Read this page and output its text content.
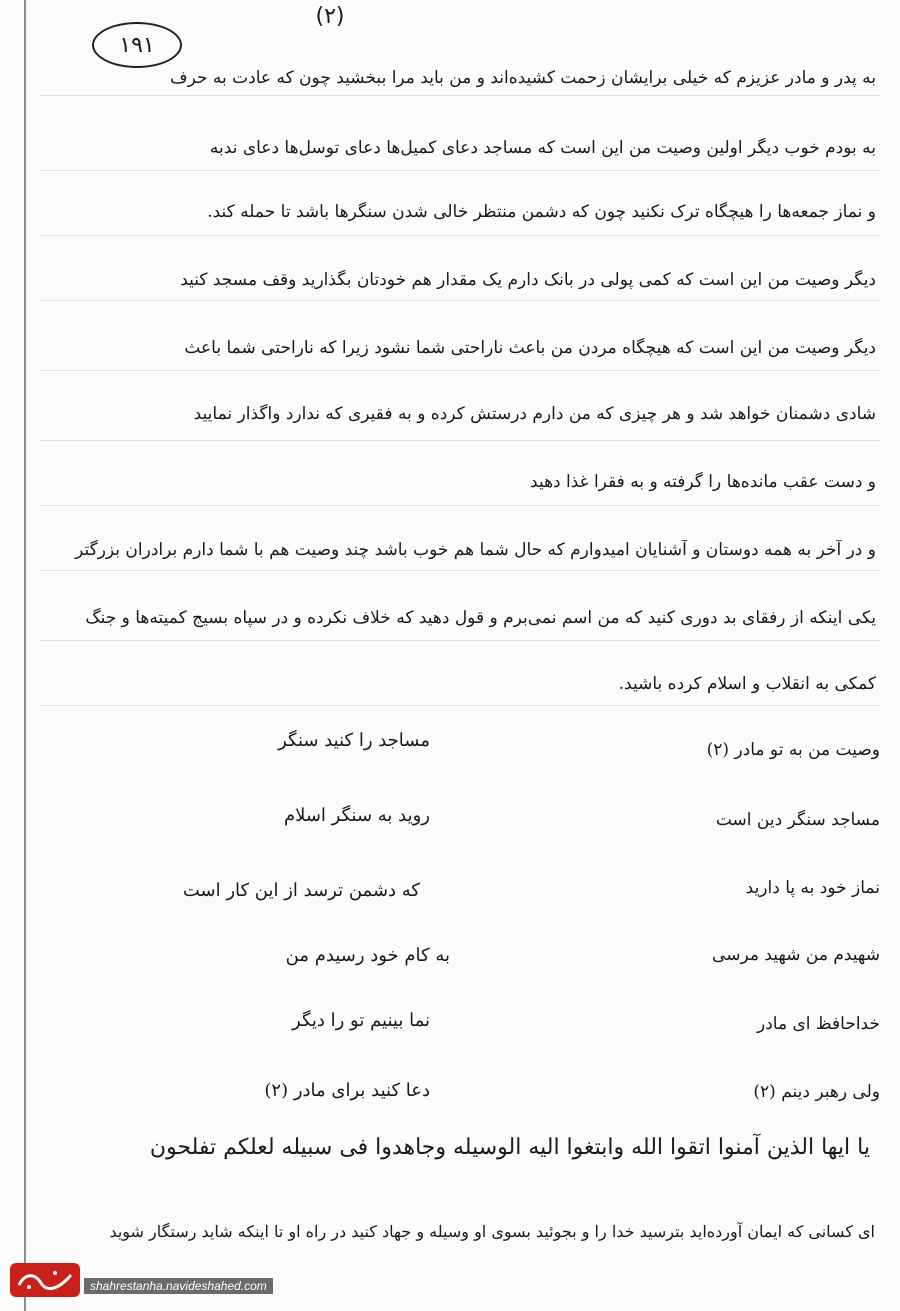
(۲)
۱۹۱
به پدر و مادر عزیزم که خیلی برایشان زحمت کشیده‌اند و من باید مرا ببخشید چون که عادت به حرف
به بودم خوب دیگر اولین وصیت من این است که مساجد دعای کمیل‌ها دعای توسل‌ها دعای ندبه
و نماز جمعه‌ها را هیچگاه ترک نکنید چون که دشمن منتظر خالی شدن سنگرها باشد تا حمله کند.
دیگر وصیت من این است که کمی پولی در بانک دارم یک مقدار هم خودتان بگذارید وقف مسجد کنید
دیگر وصیت من این است که هیچگاه مردن من باعث ناراحتی شما نشود زیرا که ناراحتی شما باعث
شادی دشمنان خواهد شد و هر چیزی که من دارم درستش کرده و به فقیری که ندارد واگذار نمایید
و دست عقب مانده‌ها را گرفته و به فقرا غذا دهید
و در آخر به همه دوستان و آشنایان امیدوارم که حال شما هم خوب باشد چند وصیت هم با شما دارم برادران بزرگتر
یکی اینکه از رفقای بد دوری کنید که من اسم نمی‌برم و قول دهید که خلاف نکرده و در سپاه بسیج کمیته‌ها و جنگ
کمکی به انقلاب و اسلام کرده باشید.
وصیت من به تو مادر (۲)
مساجد سنگر دین است
نماز خود به پا دارید
شهیدم من شهید مرسی
خداحافظ ای مادر
ولی رهبر دینم (۲)
مساجد را کنید سنگر
روید به سنگر اسلام
که دشمن ترسد از این کار است
به کام خود رسیدم من
نما بینیم تو را دیگر
دعا کنید برای مادر (۲)
یا ایها الذین آمنوا اتقوا الله وابتغوا الیه الوسیله وجاهدوا فی سبیله لعلکم تفلحون
ای کسانی که ایمان آورده‌اید بترسید خدا را و بجوئید بسوی او وسیله و جهاد کنید در راه او تا اینکه شاید رستگار شوید
shahrestanha.navideshahed.com
